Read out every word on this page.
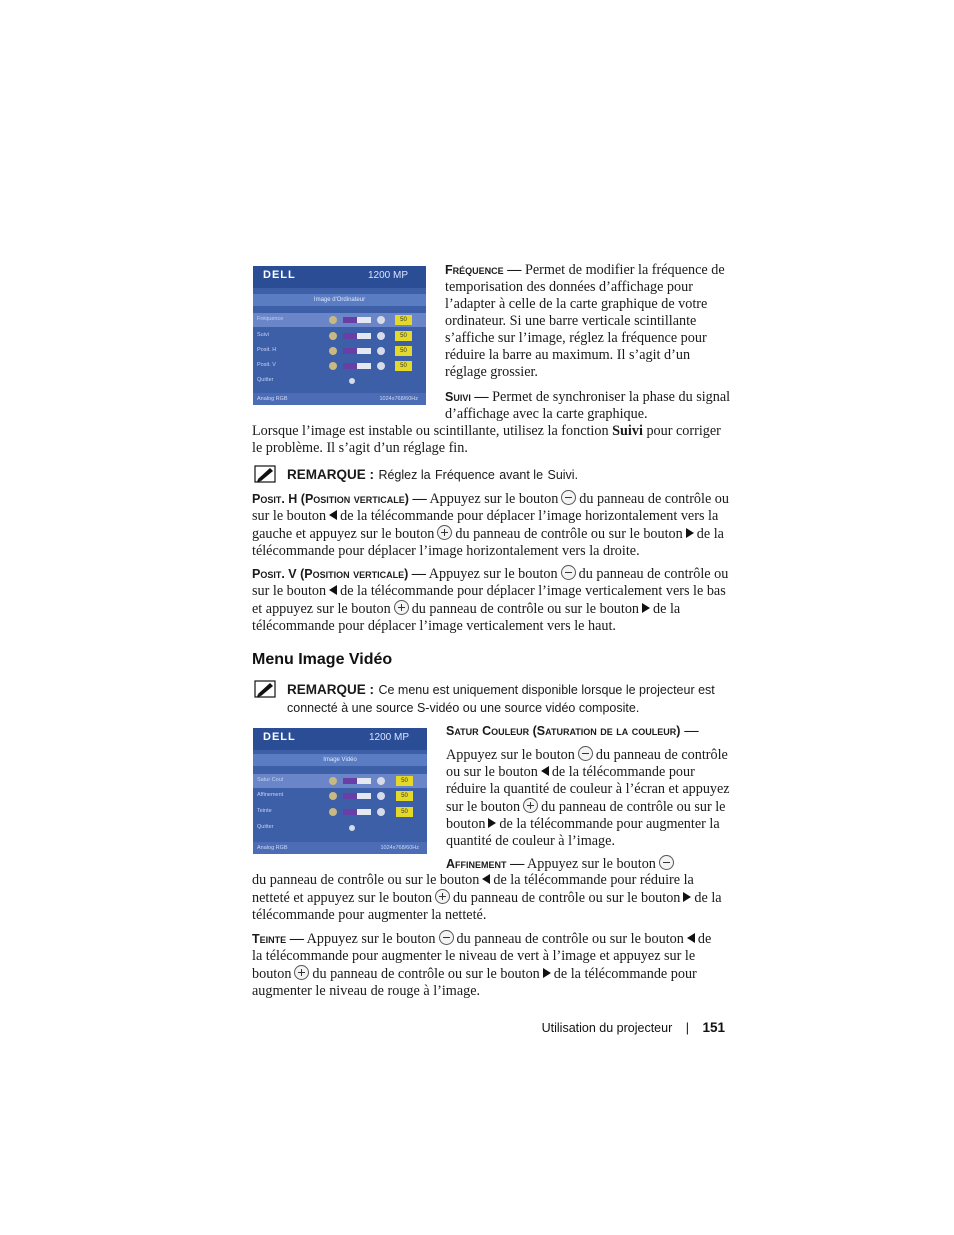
DELL	1200 MP
Image d'Ordinateur
Fréquence	50
Suivi	50
Posit. H	50
Posit. V	50
Quitter
Analog RGB	1024x768/60Hz

Fréquence — Permet de modifier la fréquence de temporisation des données d’affichage pour l’adapter à celle de la carte graphique de votre ordinateur. Si une barre verticale scintillante s’affiche sur l’image, réglez la fréquence pour réduire la barre au maximum. Il s’agit d’un réglage grossier.

Suivi — Permet de synchroniser la phase du signal d’affichage avec la carte graphique.

Lorsque l’image est instable ou scintillante, utilisez la fonction Suivi pour corriger le problème. Il s’agit d’un réglage fin.

REMARQUE : Réglez la Fréquence avant le Suivi.

Posit. H (Position verticale) — Appuyez sur le bouton du panneau de contrôle ou sur le bouton de la télécommande pour déplacer l’image horizontalement vers la gauche et appuyez sur le bouton du panneau de contrôle ou sur le bouton de la télécommande pour déplacer l’image horizontalement vers la droite.

Posit. V (Position verticale) — Appuyez sur le bouton du panneau de contrôle ou sur le bouton de la télécommande pour déplacer l’image verticalement vers le bas et appuyez sur le bouton du panneau de contrôle ou sur le bouton de la télécommande pour déplacer l’image verticalement vers le haut.

Menu Image Vidéo
REMARQUE : Ce menu est uniquement disponible lorsque le projecteur est connecté à une source S-vidéo ou une source vidéo composite.
DELL	1200 MP
Image Vidéo
Satur Coul	50
Affinement	50
Teinte	50
Quitter
Analog RGB	1024x768/60Hz
Satur Couleur (Saturation de la couleur) —

Appuyez sur le bouton du panneau de contrôle ou sur le bouton de la télécommande pour réduire la quantité de couleur à l’écran et appuyez sur le bouton du panneau de contrôle ou sur le bouton de la télécommande pour augmenter la quantité de couleur à l’image.

Affinement — Appuyez sur le bouton

du panneau de contrôle ou sur le bouton de la télécommande pour réduire la netteté et appuyez sur le bouton du panneau de contrôle ou sur le bouton de la télécommande pour augmenter la netteté.

Teinte — Appuyez sur le bouton du panneau de contrôle ou sur le bouton de la télécommande pour augmenter le niveau de vert à l’image et appuyez sur le bouton du panneau de contrôle ou sur le bouton de la télécommande pour augmenter le niveau de rouge à l’image.

Utilisation du projecteur | 151
